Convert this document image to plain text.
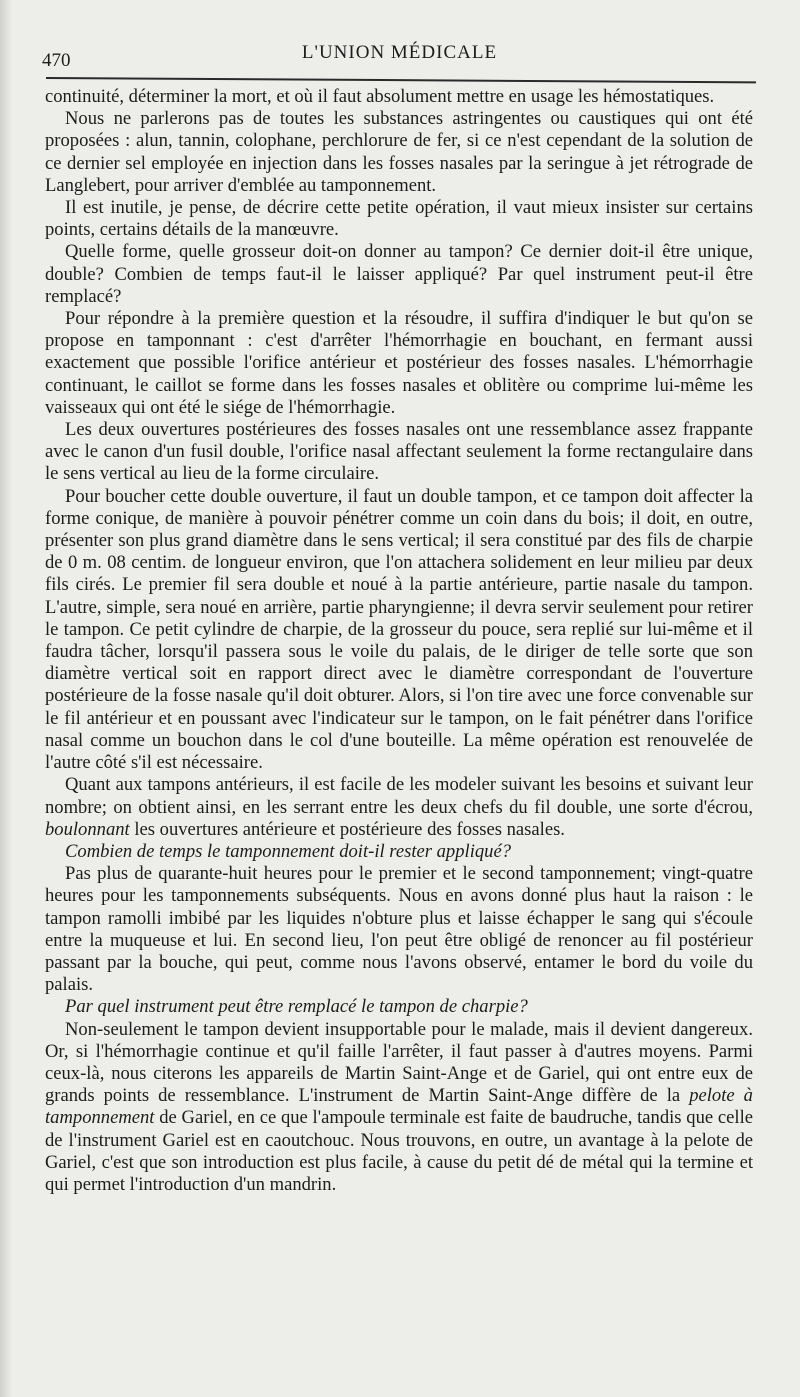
470	L'UNION MÉDICALE

continuité, déterminer la mort, et où il faut absolument mettre en usage les hémostatiques.

Nous ne parlerons pas de toutes les substances astringentes ou caustiques qui ont été proposées : alun, tannin, colophane, perchlorure de fer, si ce n'est cependant de la solution de ce dernier sel employée en injection dans les fosses nasales par la seringue à jet rétrograde de Langlebert, pour arriver d'emblée au tamponnement.

Il est inutile, je pense, de décrire cette petite opération, il vaut mieux insister sur certains points, certains détails de la manœuvre.

Quelle forme, quelle grosseur doit-on donner au tampon? Ce dernier doit-il être unique, double? Combien de temps faut-il le laisser appliqué? Par quel instrument peut-il être remplacé?

Pour répondre à la première question et la résoudre, il suffira d'indiquer le but qu'on se propose en tamponnant : c'est d'arrêter l'hémorrhagie en bouchant, en fermant aussi exactement que possible l'orifice antérieur et postérieur des fosses nasales. L'hémorrhagie continuant, le caillot se forme dans les fosses nasales et oblitère ou comprime lui-même les vaisseaux qui ont été le siége de l'hémorrhagie.

Les deux ouvertures postérieures des fosses nasales ont une ressemblance assez frappante avec le canon d'un fusil double, l'orifice nasal affectant seulement la forme rectangulaire dans le sens vertical au lieu de la forme circulaire.

Pour boucher cette double ouverture, il faut un double tampon, et ce tampon doit affecter la forme conique, de manière à pouvoir pénétrer comme un coin dans du bois; il doit, en outre, présenter son plus grand diamètre dans le sens vertical; il sera constitué par des fils de charpie de 0 m. 08 centim. de longueur environ, que l'on attachera solidement en leur milieu par deux fils cirés. Le premier fil sera double et noué à la partie antérieure, partie nasale du tampon. L'autre, simple, sera noué en arrière, partie pharyngienne; il devra servir seulement pour retirer le tampon. Ce petit cylindre de charpie, de la grosseur du pouce, sera replié sur lui-même et il faudra tâcher, lorsqu'il passera sous le voile du palais, de le diriger de telle sorte que son diamètre vertical soit en rapport direct avec le diamètre correspondant de l'ouverture postérieure de la fosse nasale qu'il doit obturer. Alors, si l'on tire avec une force convenable sur le fil antérieur et en poussant avec l'indicateur sur le tampon, on le fait pénétrer dans l'orifice nasal comme un bouchon dans le col d'une bouteille. La même opération est renouvelée de l'autre côté s'il est nécessaire.

Quant aux tampons antérieurs, il est facile de les modeler suivant les besoins et suivant leur nombre; on obtient ainsi, en les serrant entre les deux chefs du fil double, une sorte d'écrou, boulonnant les ouvertures antérieure et postérieure des fosses nasales.

Combien de temps le tamponnement doit-il rester appliqué?

Pas plus de quarante-huit heures pour le premier et le second tamponnement; vingt-quatre heures pour les tamponnements subséquents. Nous en avons donné plus haut la raison : le tampon ramolli imbibé par les liquides n'obture plus et laisse échapper le sang qui s'écoule entre la muqueuse et lui. En second lieu, l'on peut être obligé de renoncer au fil postérieur passant par la bouche, qui peut, comme nous l'avons observé, entamer le bord du voile du palais.

Par quel instrument peut être remplacé le tampon de charpie?

Non-seulement le tampon devient insupportable pour le malade, mais il devient dangereux. Or, si l'hémorrhagie continue et qu'il faille l'arrêter, il faut passer à d'autres moyens. Parmi ceux-là, nous citerons les appareils de Martin Saint-Ange et de Gariel, qui ont entre eux de grands points de ressemblance. L'instrument de Martin Saint-Ange diffère de la pelote à tamponnement de Gariel, en ce que l'ampoule terminale est faite de baudruche, tandis que celle de l'instrument Gariel est en caoutchouc. Nous trouvons, en outre, un avantage à la pelote de Gariel, c'est que son introduction est plus facile, à cause du petit dé de métal qui la termine et qui permet l'introduction d'un mandrin.
